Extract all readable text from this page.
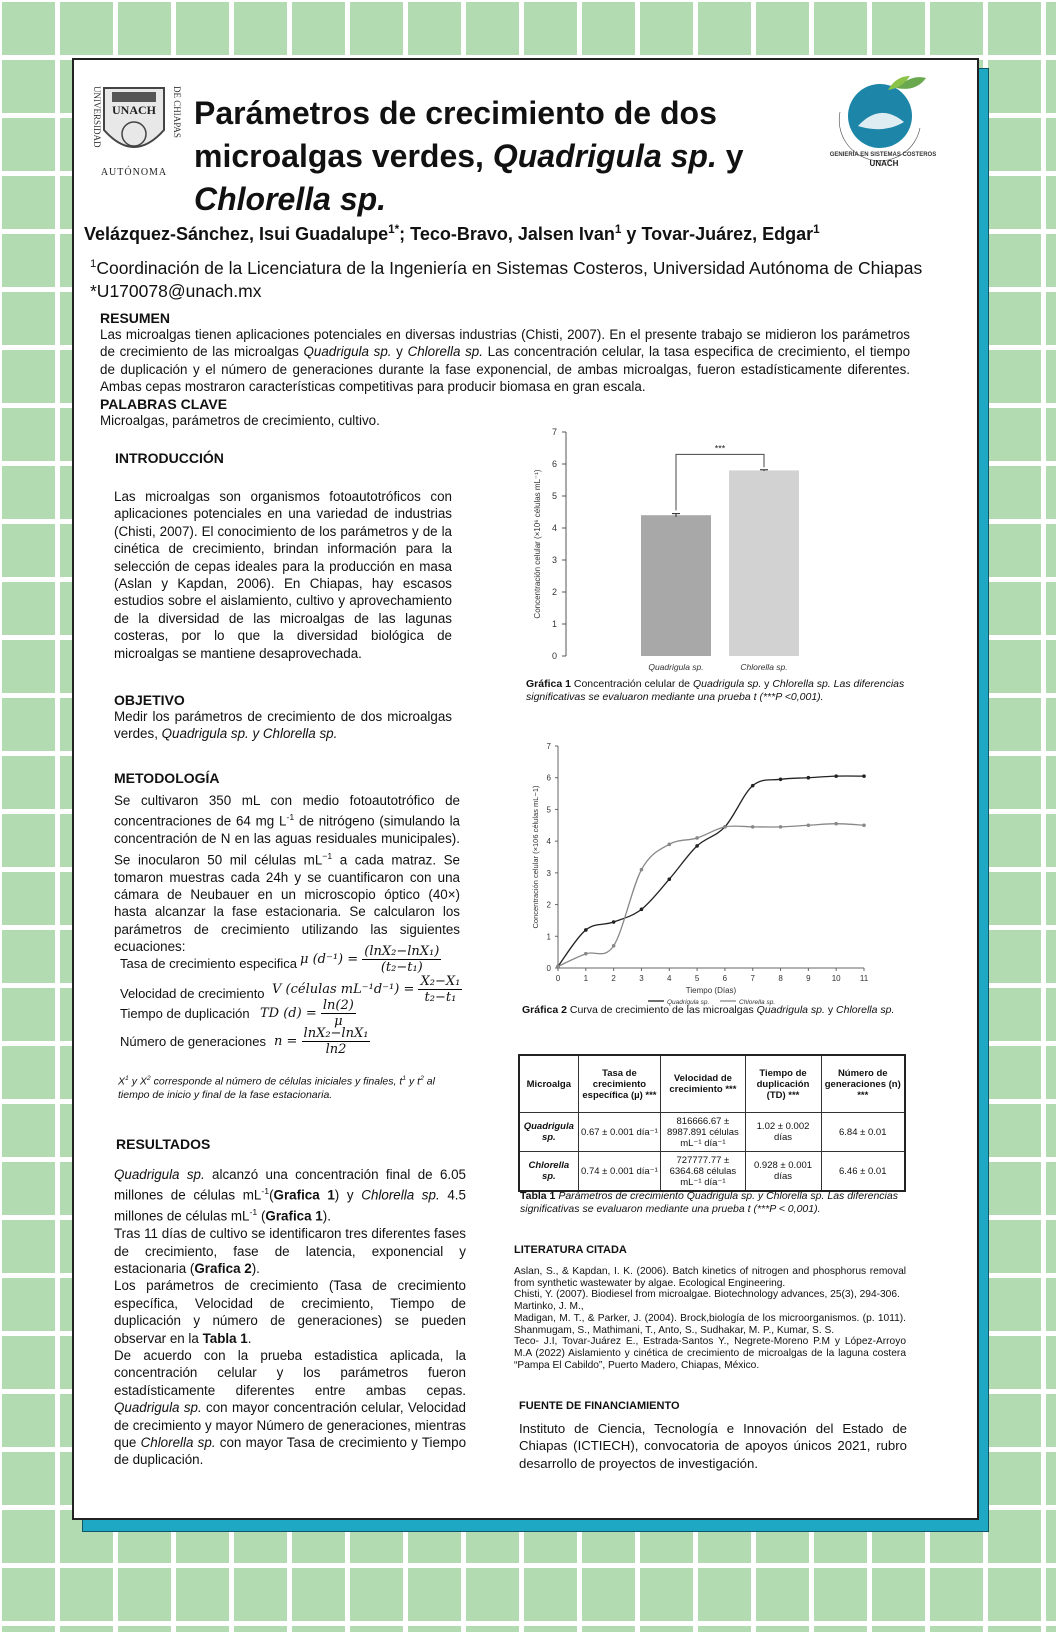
UNIVERSIDAD	DE CHIAPAS
UNACH
AUTÓNOMA
INGENIERÍA EN SISTEMAS COSTEROS
UNACH
Parámetros de crecimiento de dos microalgas verdes, Quadrigula sp. y Chlorella sp.
Velázquez-Sánchez, Isui Guadalupe$^{1*}$; Teco-Bravo, Jalsen Ivan$^1$ y Tovar-Juárez, Edgar$^1$
$^1$Coordinación de la Licenciatura de la Ingeniería en Sistemas Costeros, Universidad Autónoma de Chiapas
*U170078@unach.mx
RESUMEN
Las microalgas tienen aplicaciones potenciales en diversas industrias (Chisti, 2007). En el presente trabajo se midieron los parámetros de crecimiento de las microalgas Quadrigula sp. y Chlorella sp. Las concentración celular, la tasa especifica de crecimiento, el tiempo de duplicación y el número de generaciones durante la fase exponencial, de ambas microalgas, fueron estadísticamente diferentes. Ambas cepas mostraron características competitivas para producir biomasa en gran escala.
PALABRAS CLAVE
Microalgas, parámetros de crecimiento, cultivo.
INTRODUCCIÓN
Las microalgas son organismos fotoautotróficos con aplicaciones potenciales en una variedad de industrias (Chisti, 2007). El conocimiento de los parámetros y de la cinética de crecimiento, brindan información para la selección de cepas ideales para la producción en masa (Aslan y Kapdan, 2006). En Chiapas, hay escasos estudios sobre el aislamiento, cultivo y aprovechamiento de la diversidad de las microalgas de las lagunas costeras, por lo que la diversidad biológica de microalgas se mantiene desaprovechada.
OBJETIVO
Medir los parámetros de crecimiento de dos microalgas verdes, Quadrigula sp. y Chlorella sp.
METODOLOGÍA
Se cultivaron 350 mL con medio fotoautotrófico de concentraciones de 64 mg $L^{-1}$ de nitrógeno (simulando la concentración de N en las aguas residuales municipales). Se inocularon 50 mil células $mL^{-1}$ a cada matraz. Se tomaron muestras cada 24h y se cuantificaron con una cámara de Neubauer en un microscopio óptico (40×) hasta alcanzar la fase estacionaria. Se calcularon los parámetros de crecimiento utilizando las siguientes ecuaciones:
Tasa de crecimiento especifica μ $(d^{-1}) = \frac{\text{(lnX₂−lnX₁)}}{\text{(t₂−t₁)}}$
Velocidad de crecimiento V (células $mL^{-1}d^{-1}) = \frac{\text{X₂−X₁}}{\text{t₂−t₁}}$
Tiempo de duplicación TD $(d) = \frac{\ln(2)}{\mu}$
Número de generaciones $n = \frac{\text{lnX₂−lnX₁}}{\ln 2}$
$X^1$ y $X^2$ corresponde al número de células iniciales y finales, $t^1$ y $t^2$ al tiempo de inicio y final de la fase estacionaria.
RESULTADOS
Quadrigula sp. alcanzó una concentración final de 6.05 millones de células $mL^{-1}(Grafica$ 1) y Chlorella sp. 4.5 millones de células $mL^{-1}$ (Grafica 1).
Tras 11 días de cultivo se identificaron tres diferentes fases de crecimiento, fase de latencia, exponencial y estacionaria (Grafica 2).
Los parámetros de crecimiento (Tasa de crecimiento específica, Velocidad de crecimiento, Tiempo de duplicación y número de generaciones) se pueden observar en la Tabla 1.
De acuerdo con la prueba estadistica aplicada, la concentración celular y los parámetros fueron estadísticamente diferentes entre ambas cepas. Quadrigula sp. con mayor concentración celular, Velocidad de crecimiento y mayor Número de generaciones, mientras que Chlorella sp. con mayor Tasa de crecimiento y Tiempo de duplicación.
0
1
2
3
4
5
6
7
Concentración celular (×10⁶ células mL⁻¹)
Quadrigula sp.	Chlorella sp.
***
Gráfica 1 Concentración celular de Quadrigula sp. y Chlorella sp. Las diferencias significativas se evaluaron mediante una prueba t (***P <0,001).
0
1
2
3
4
5
6
7
0	1	2	3	4	5	6	7	8	9	10 11
Tiempo (Días)
Concentración celular (×106 células mL−1)
Quadrigula sp.	Chlorella sp.
Gráfica 2 Curva de crecimiento de las microalgas Quadrigula sp. y Chlorella sp.
Microalga	Tasa de crecimiento específica (µ) ***	Velocidad de crecimiento ***	Tiempo de duplicación (TD) ***	Número de generaciones (n) ***
Quadrigula sp.	0.67 ± 0.001 día⁻¹	816666.67 ± 8987.891 células mL⁻¹ día⁻¹	1.02 ± 0.002 días	6.84 ± 0.01
Chlorella sp.	0.74 ± 0.001 día⁻¹	727777.77 ± 6364.68 células mL⁻¹ día⁻¹	0.928 ± 0.001 días	6.46 ± 0.01
Tabla 1 Parámetros de crecimiento Quadrigula sp. y Chlorella sp. Las diferencias significativas se evaluaron mediante una prueba t (***P < 0,001).
LITERATURA CITADA
Aslan, S., & Kapdan, I. K. (2006). Batch kinetics of nitrogen and phosphorus removal from synthetic wastewater by algae. Ecological Engineering.
Chisti, Y. (2007). Biodiesel from microalgae. Biotechnology advances, 25(3), 294-306.
Martinko, J. M.,
Madigan, M. T., & Parker, J. (2004). Brock,biología de los microorganismos. (p. 1011). Shanmugam, S., Mathimani, T., Anto, S., Sudhakar, M. P., Kumar, S. S.
Teco- J.I, Tovar-Juárez E., Estrada-Santos Y., Negrete-Moreno P.M y López-Arroyo M.A (2022) Aislamiento y cinética de crecimiento de microalgas de la laguna costera “Pampa El Cabildo”, Puerto Madero, Chiapas, México.
FUENTE DE FINANCIAMIENTO
Instituto de Ciencia, Tecnología e Innovación del Estado de Chiapas (ICTIECH), convocatoria de apoyos únicos 2021, rubro desarrollo de proyectos de investigación.
